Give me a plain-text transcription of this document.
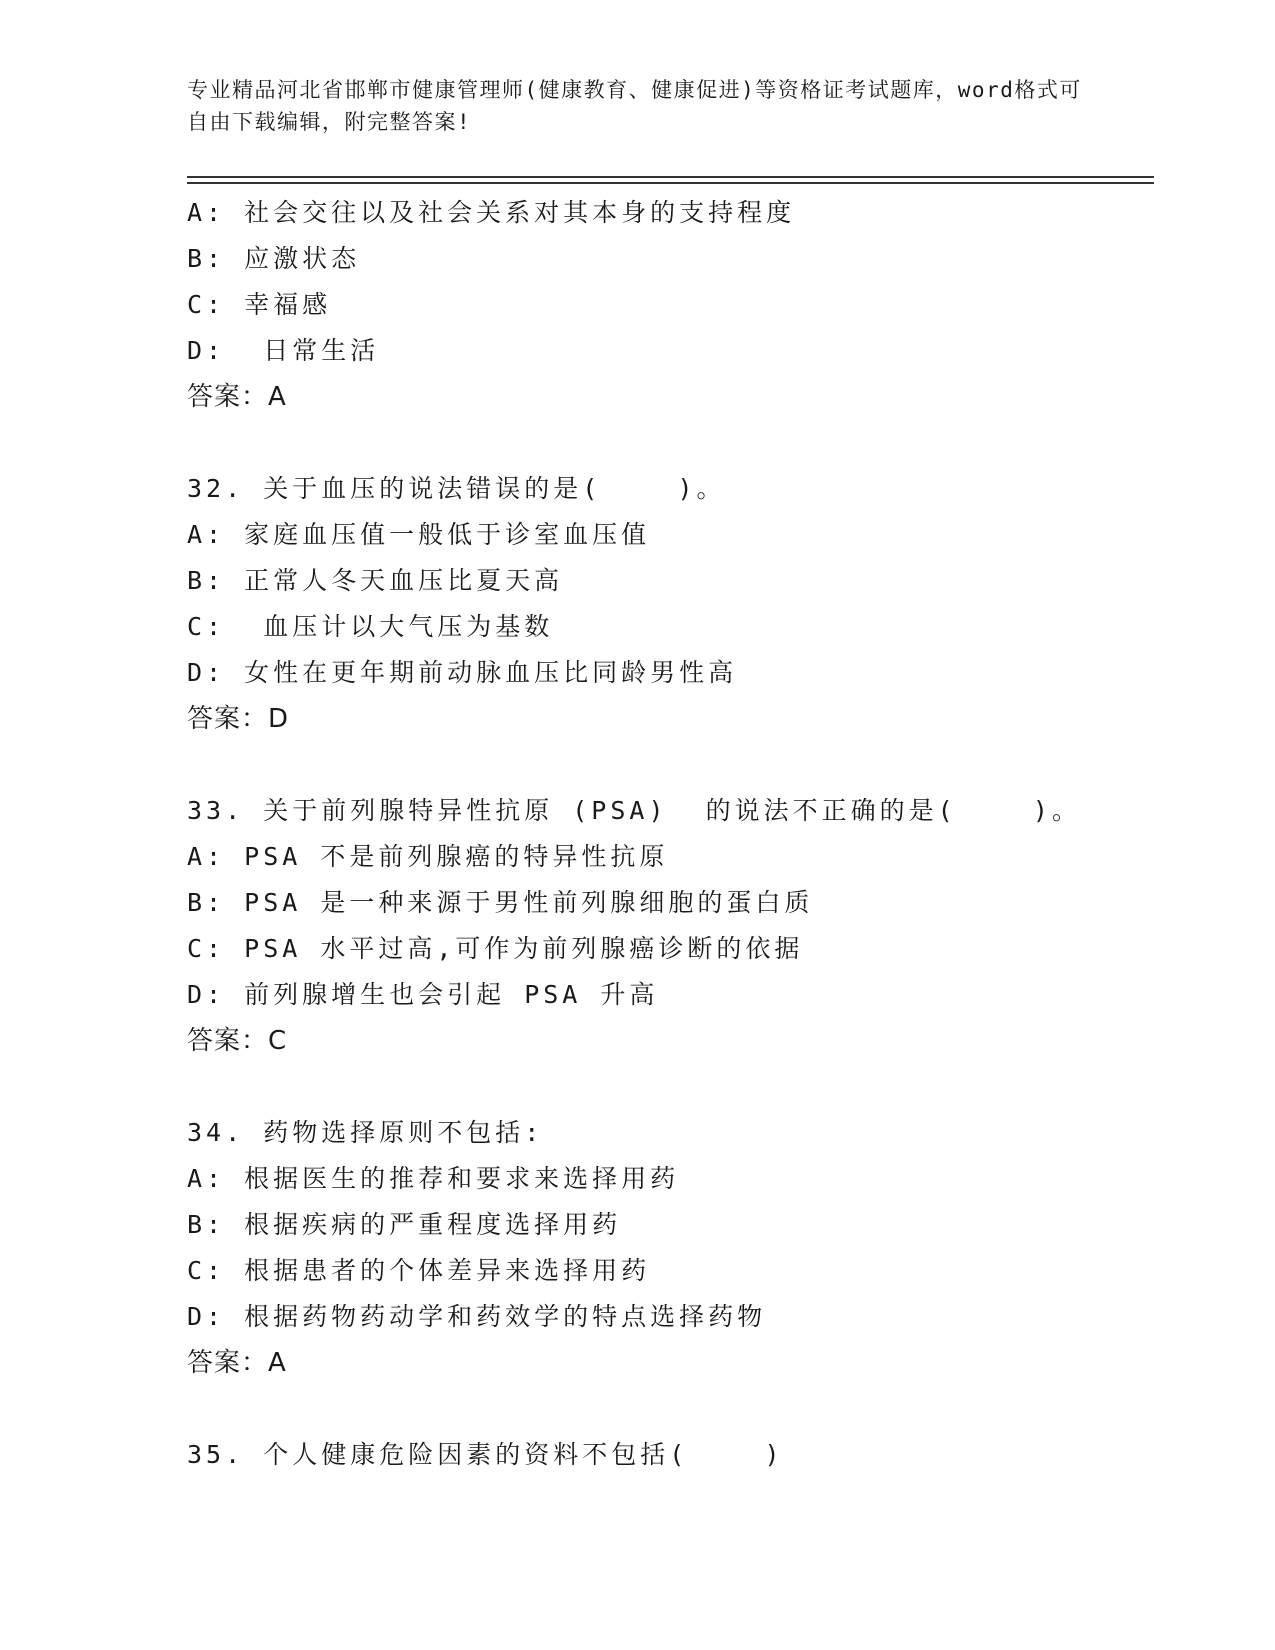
专业精品河北省邯郸市健康管理师(健康教育、健康促进)等资格证考试题库，word格式可自由下载编辑，附完整答案!
A: 社会交往以及社会关系对其本身的支持程度
B: 应激状态
C: 幸福感
D:  日常生活
答案：A
32. 关于血压的说法错误的是(    )。
A: 家庭血压值一般低于诊室血压值
B: 正常人冬天血压比夏天高
C:  血压计以大气压为基数
D: 女性在更年期前动脉血压比同龄男性高
答案：D
33. 关于前列腺特异性抗原 (PSA)  的说法不正确的是(    )。
A: PSA 不是前列腺癌的特异性抗原
B: PSA 是一种来源于男性前列腺细胞的蛋白质
C: PSA 水平过高,可作为前列腺癌诊断的依据
D: 前列腺增生也会引起 PSA 升高
答案：C
34. 药物选择原则不包括:
A: 根据医生的推荐和要求来选择用药
B: 根据疾病的严重程度选择用药
C: 根据患者的个体差异来选择用药
D: 根据药物药动学和药效学的特点选择药物
答案：A
35. 个人健康危险因素的资料不包括(    )
